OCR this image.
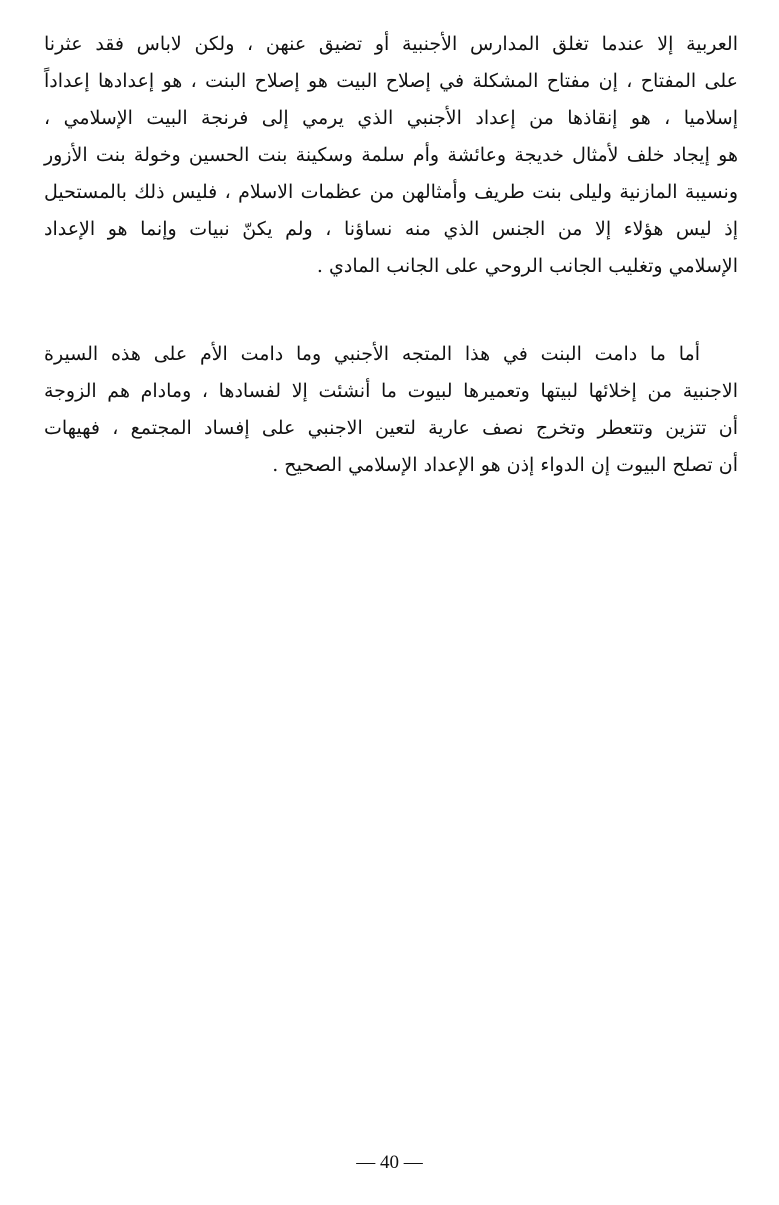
العربية إلا عندما تغلق المدارس الأجنبية أو تضيق عنهن ، ولكن لاباس فقد عثرنا
على المفتاح ، إن مفتاح المشكلة في إصلاح البيت هو إصلاح البنت ، هو إعدادها إعداداً
إسلاميا ، هو إنقاذها من إعداد الأجنبي الذي يرمي إلى فرنجة البيت الإسلامي ،
هو إيجاد خلف لأمثال خديجة وعائشة وأم سلمة وسكينة بنت الحسين وخولة بنت الأزور
ونسيبة المازنية وليلى بنت طريف وأمثالهن من عظمات الاسلام ، فليس ذلك بالمستحيل
إذ ليس هؤلاء إلا من الجنس الذي منه نساؤنا ، ولم يكنّ نبيات وإنما هو الإعداد
الإسلامي وتغليب الجانب الروحي على الجانب المادي .
أما ما دامت البنت في هذا المتجه الأجنبي وما دامت الأم على هذه السيرة
الاجنبية من إخلائها لبيتها وتعميرها لبيوت ما أنشئت إلا لفسادها ، ومادام هم الزوجة
أن تتزين وتتعطر وتخرج نصف عارية لتعين الاجنبي على إفساد المجتمع ، فهيهات
أن تصلح البيوت إن الدواء إذن هو الإعداد الإسلامي الصحيح .
— 40 —
